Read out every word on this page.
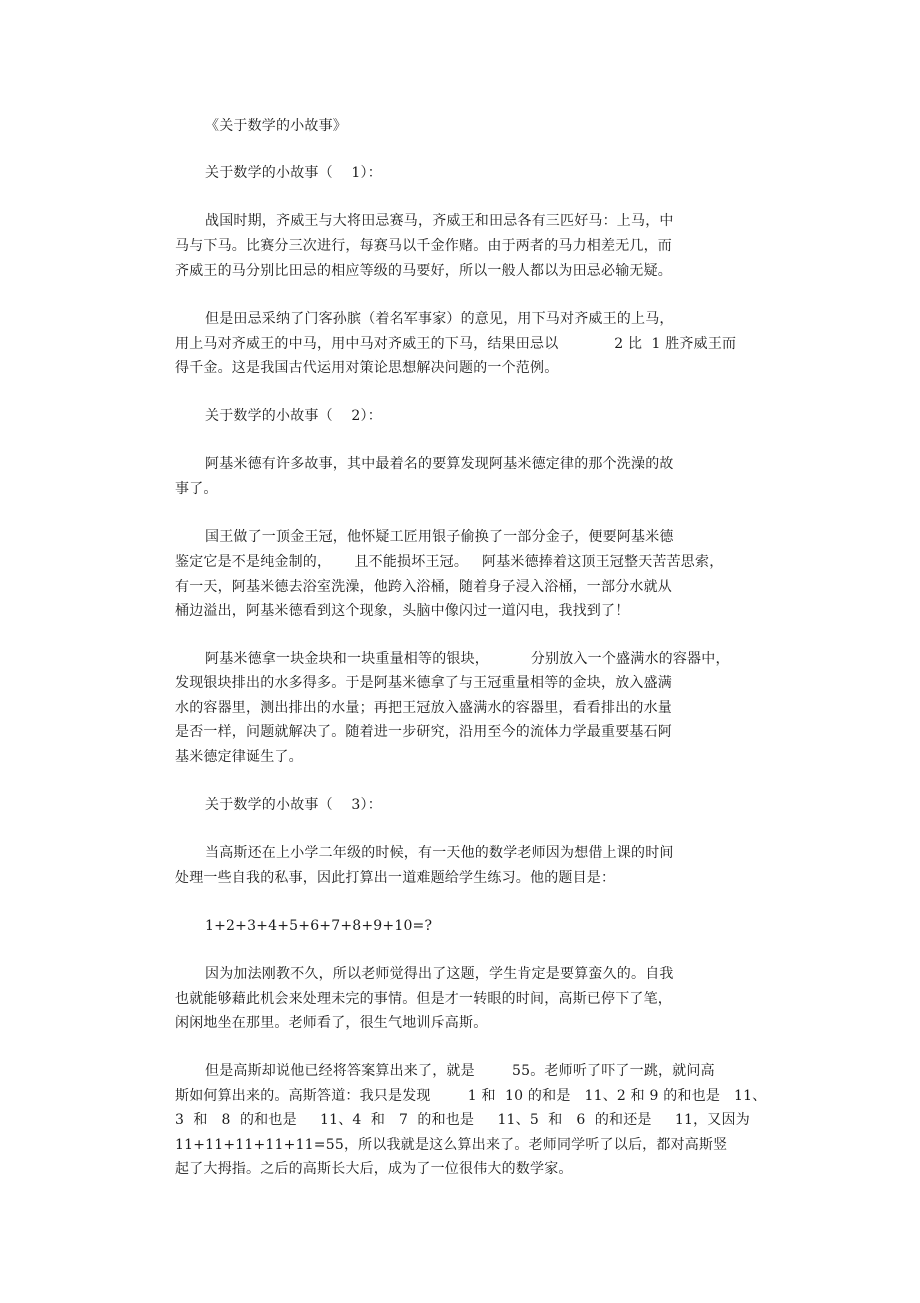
《关于数学的小故事》
关于数学的小故事（    1）：
战国时期，齐威王与大将田忌赛马，齐威王和田忌各有三匹好马：上马，中
马与下马。比赛分三次进行，每赛马以千金作赌。由于两者的马力相差无几，而
齐威王的马分别比田忌的相应等级的马要好，所以一般人都以为田忌必输无疑。
但是田忌采纳了门客孙膑（着名军事家）的意见，用下马对齐威王的上马，
用上马对齐威王的中马，用中马对齐威王的下马，结果田忌以            2 比  1 胜齐威王而
得千金。这是我国古代运用对策论思想解决问题的一个范例。
关于数学的小故事（    2）：
阿基米德有许多故事，其中最着名的要算发现阿基米德定律的那个洗澡的故
事了。
国王做了一顶金王冠，他怀疑工匠用银子偷换了一部分金子，便要阿基米德
鉴定它是不是纯金制的，     且不能损坏王冠。   阿基米德捧着这顶王冠整天苦苦思索，
有一天，阿基米德去浴室洗澡，他跨入浴桶，随着身子浸入浴桶，一部分水就从
桶边溢出，阿基米德看到这个现象，头脑中像闪过一道闪电，我找到了！
阿基米德拿一块金块和一块重量相等的银块，         分别放入一个盛满水的容器中，
发现银块排出的水多得多。于是阿基米德拿了与王冠重量相等的金块，放入盛满
水的容器里，测出排出的水量；再把王冠放入盛满水的容器里，看看排出的水量
是否一样，问题就解决了。随着进一步研究，沿用至今的流体力学最重要基石阿
基米德定律诞生了。
关于数学的小故事（    3）：
当高斯还在上小学二年级的时候，有一天他的数学老师因为想借上课的时间
处理一些自我的私事，因此打算出一道难题给学生练习。他的题目是：
1+2+3+4+5+6+7+8+9+10=?
因为加法刚教不久，所以老师觉得出了这题，学生肯定是要算蛮久的。自我
也就能够藉此机会来处理未完的事情。但是才一转眼的时间，高斯已停下了笔，
闲闲地坐在那里。老师看了，很生气地训斥高斯。
但是高斯却说他已经将答案算出来了，就是        55。老师听了吓了一跳，就问高
斯如何算出来的。高斯答道：我只是发现        1 和  10 的和是   11、2 和 9 的和也是   11、
3  和   8  的和也是     11、4  和   7  的和也是     11、5  和   6  的和还是     11，又因为
11+11+11+11+11=55，所以我就是这么算出来了。老师同学听了以后，都对高斯竖
起了大拇指。之后的高斯长大后，成为了一位很伟大的数学家。
